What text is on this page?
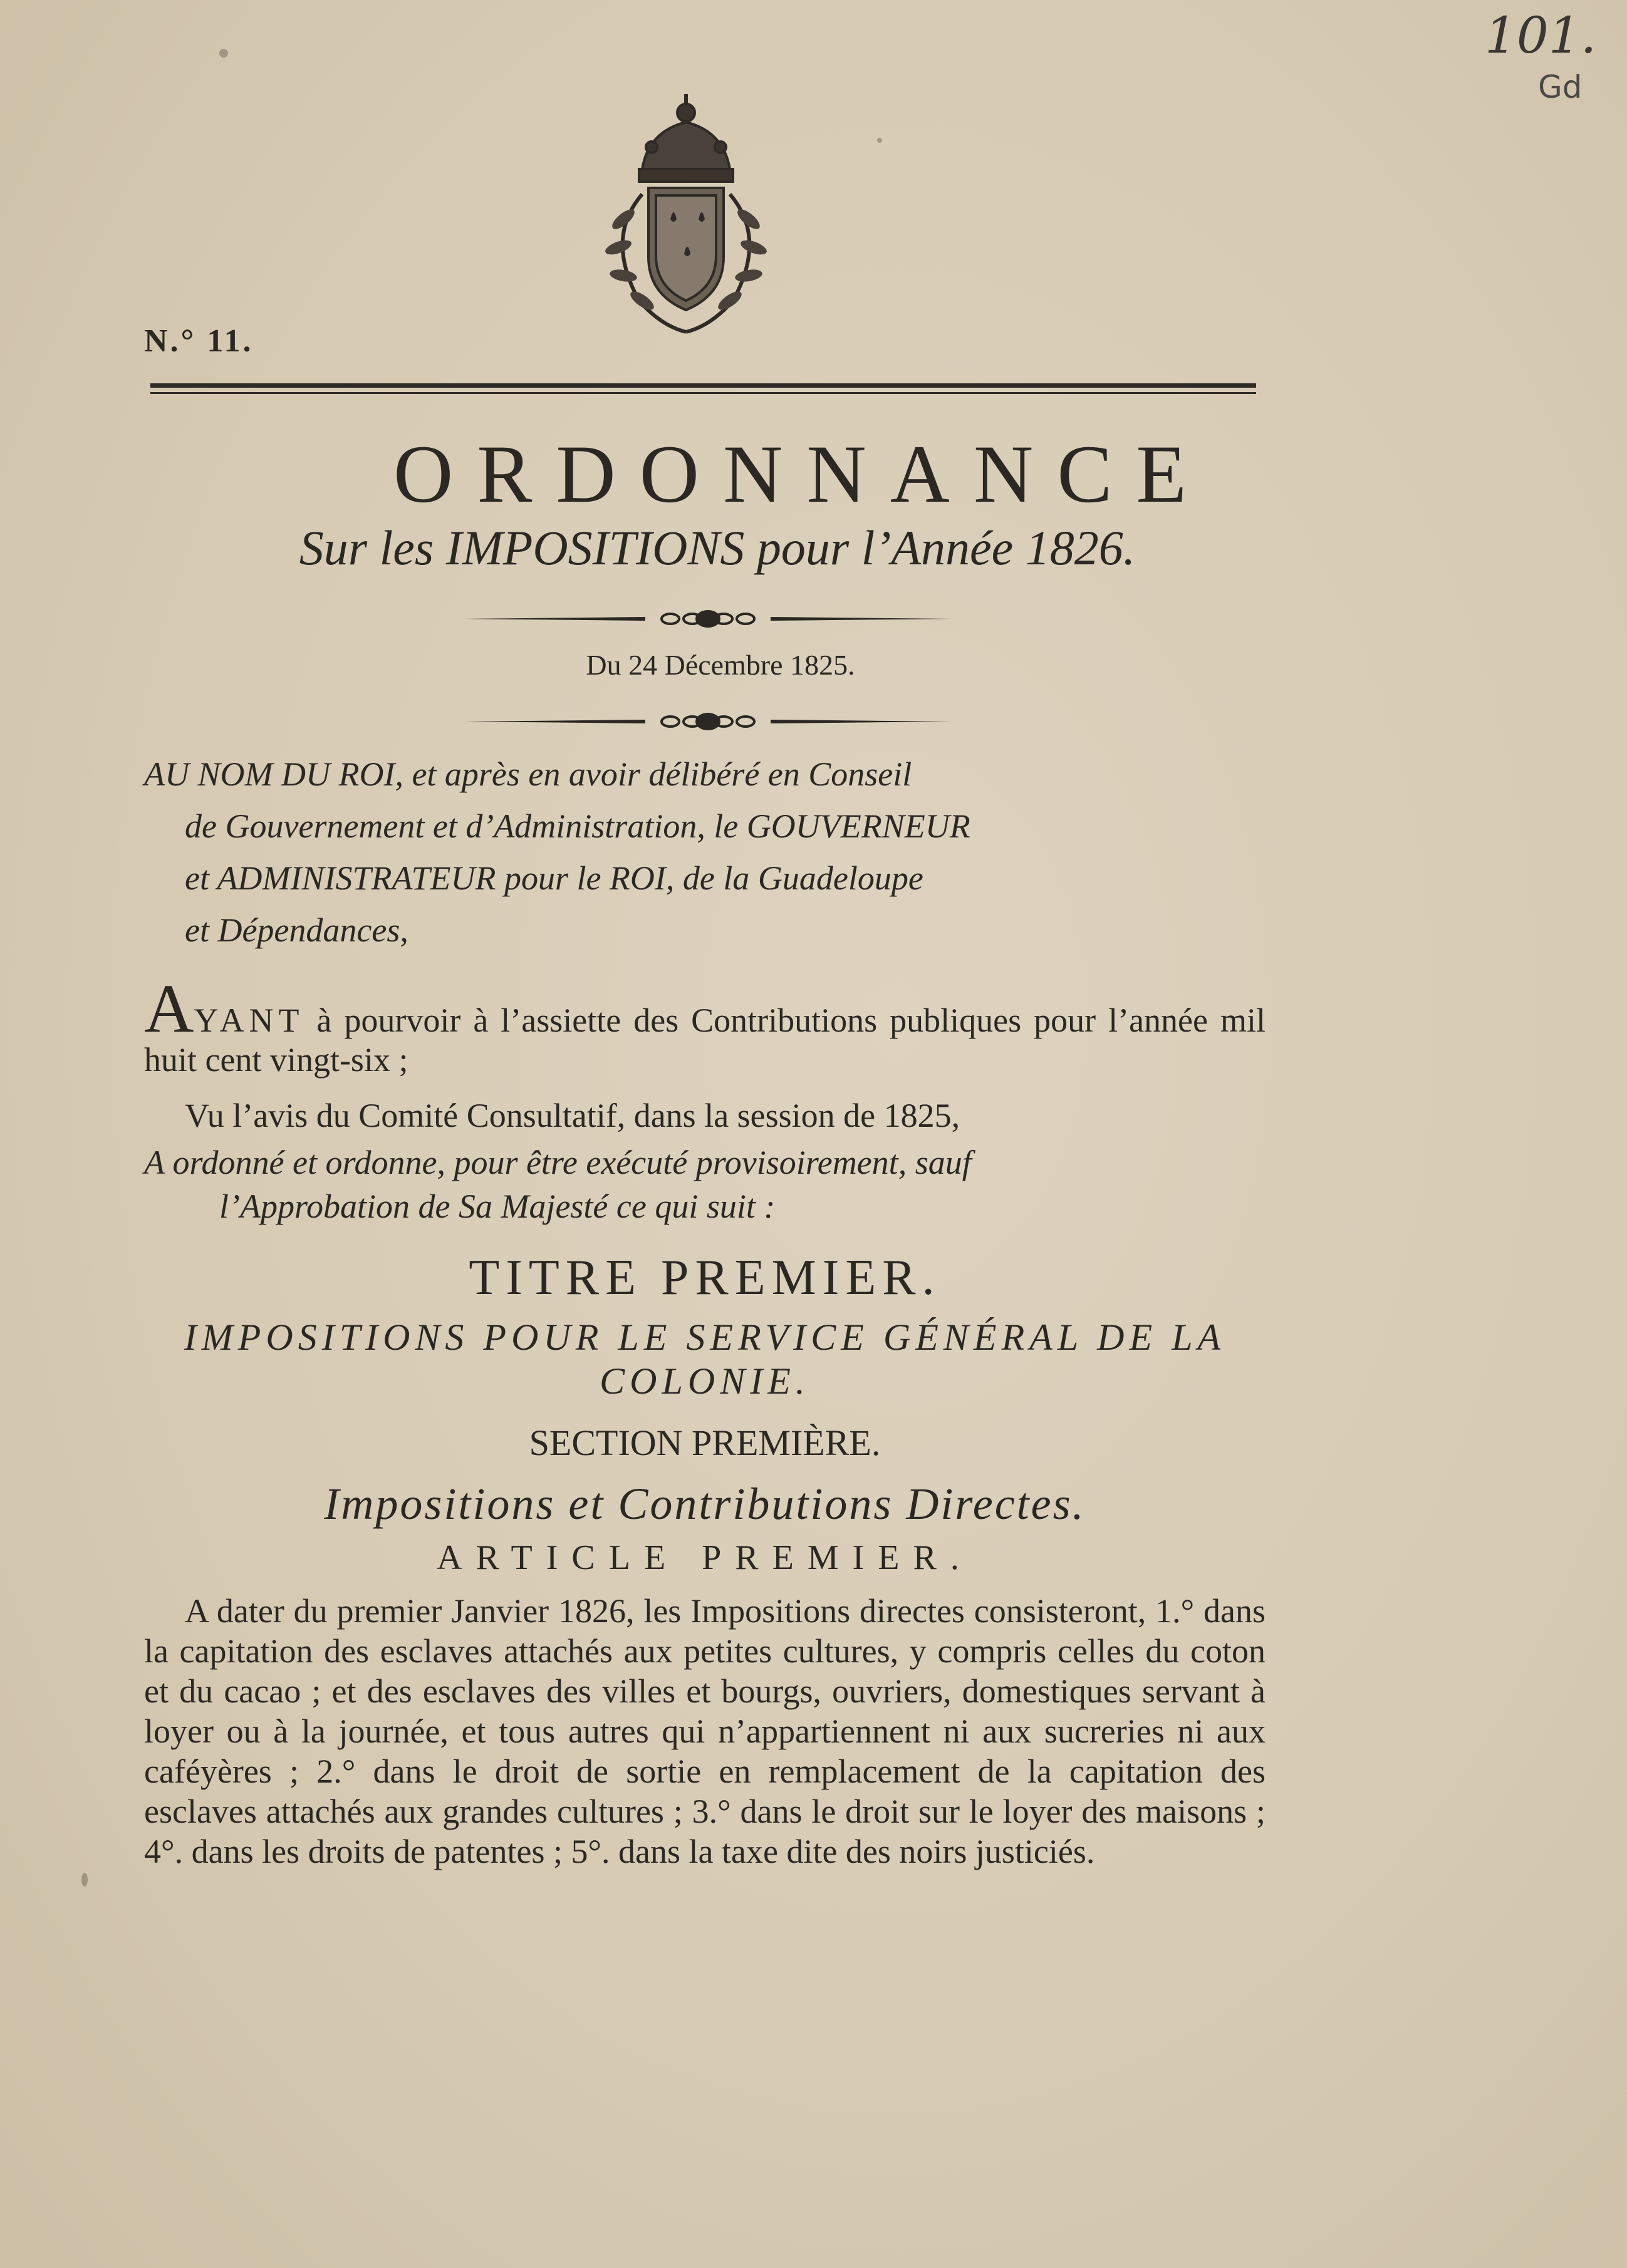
101.
Gd
N.° 11.
ORDONNANCE
Sur les IMPOSITIONS pour l’Année 1826.
Du 24 Décembre 1825.

AU NOM DU ROI, et après en avoir délibéré en Conseil

de Gouvernement et d’Administration, le GOUVERNEUR

et ADMINISTRATEUR pour le ROI, de la Guadeloupe

et Dépendances,

AYANT à pourvoir à l’assiette des Contributions publiques pour l’année mil huit cent vingt-six ;
Vu l’avis du Comité Consultatif, dans la session de 1825,
A ordonné et ordonne, pour être exécuté provisoirement, sauf
l’Approbation de Sa Majesté ce qui suit :
TITRE PREMIER.
IMPOSITIONS POUR LE SERVICE GÉNÉRAL DE LA COLONIE.
SECTION PREMIÈRE.
Impositions et Contributions Directes.
ARTICLE PREMIER.
A dater du premier Janvier 1826, les Impositions directes consisteront, 1.° dans la capitation des esclaves attachés aux petites cultures, y compris celles du coton et du cacao ; et des esclaves des villes et bourgs, ouvriers, domestiques servant à loyer ou à la journée, et tous autres qui n’appartiennent ni aux sucreries ni aux caféyères ; 2.° dans le droit de sortie en remplacement de la capitation des esclaves attachés aux grandes cultures ; 3.° dans le droit sur le loyer des maisons ; 4°. dans les droits de patentes ; 5°. dans la taxe dite des noirs justiciés.
